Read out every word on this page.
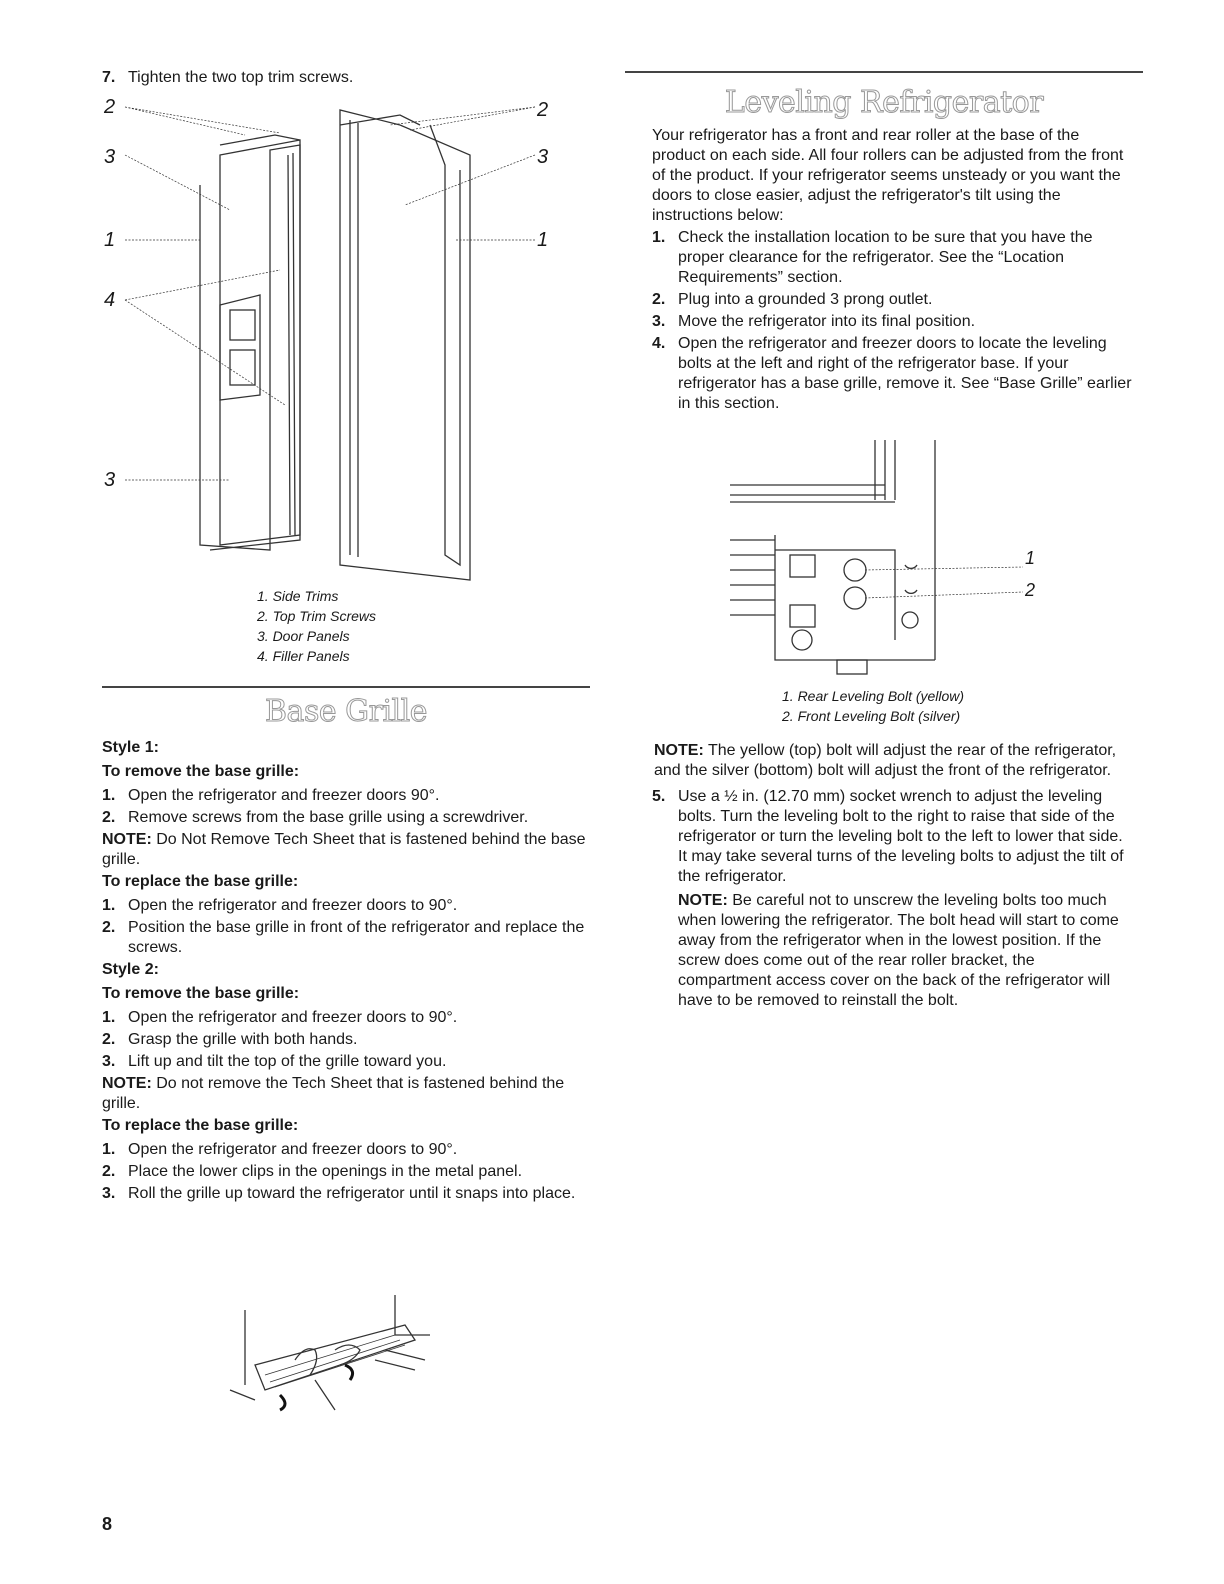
7. Tighten the two top trim screws.
2
3
1
4
3
2
3
1
1. Side Trims
2. Top Trim Screws
3. Door Panels
4. Filler Panels
Base Grille
Style 1:
To remove the base grille:
1. Open the refrigerator and freezer doors 90°.
2. Remove screws from the base grille using a screwdriver.

NOTE: Do Not Remove Tech Sheet that is fastened behind the base grille.

To replace the base grille:
1. Open the refrigerator and freezer doors to 90°.
2. Position the base grille in front of the refrigerator and replace the screws.
Style 2:
To remove the base grille:
1. Open the refrigerator and freezer doors to 90°.
2. Grasp the grille with both hands.
3. Lift up and tilt the top of the grille toward you.

NOTE: Do not remove the Tech Sheet that is fastened behind the grille.

To replace the base grille:
1. Open the refrigerator and freezer doors to 90°.
2. Place the lower clips in the openings in the metal panel.
3. Roll the grille up toward the refrigerator until it snaps into place.
8
Leveling Refrigerator

Your refrigerator has a front and rear roller at the base of the product on each side. All four rollers can be adjusted from the front of the product. If your refrigerator seems unsteady or you want the doors to close easier, adjust the refrigerator's tilt using the instructions below:

1. Check the installation location to be sure that you have the proper clearance for the refrigerator. See the “Location Requirements” section.
2. Plug into a grounded 3 prong outlet.
3. Move the refrigerator into its final position.
4. Open the refrigerator and freezer doors to locate the leveling bolts at the left and right of the refrigerator base. If your refrigerator has a base grille, remove it. See “Base Grille” earlier in this section.
1
2
1. Rear Leveling Bolt (yellow)
2. Front Leveling Bolt (silver)

NOTE: The yellow (top) bolt will adjust the rear of the refrigerator, and the silver (bottom) bolt will adjust the front of the refrigerator.

5. Use a ½ in. (12.70 mm) socket wrench to adjust the leveling bolts. Turn the leveling bolt to the right to raise that side of the refrigerator or turn the leveling bolt to the left to lower that side. It may take several turns of the leveling bolts to adjust the tilt of the refrigerator.

NOTE: Be careful not to unscrew the leveling bolts too much when lowering the refrigerator. The bolt head will start to come away from the refrigerator when in the lowest position. If the screw does come out of the rear roller bracket, the compartment access cover on the back of the refrigerator will have to be removed to reinstall the bolt.
